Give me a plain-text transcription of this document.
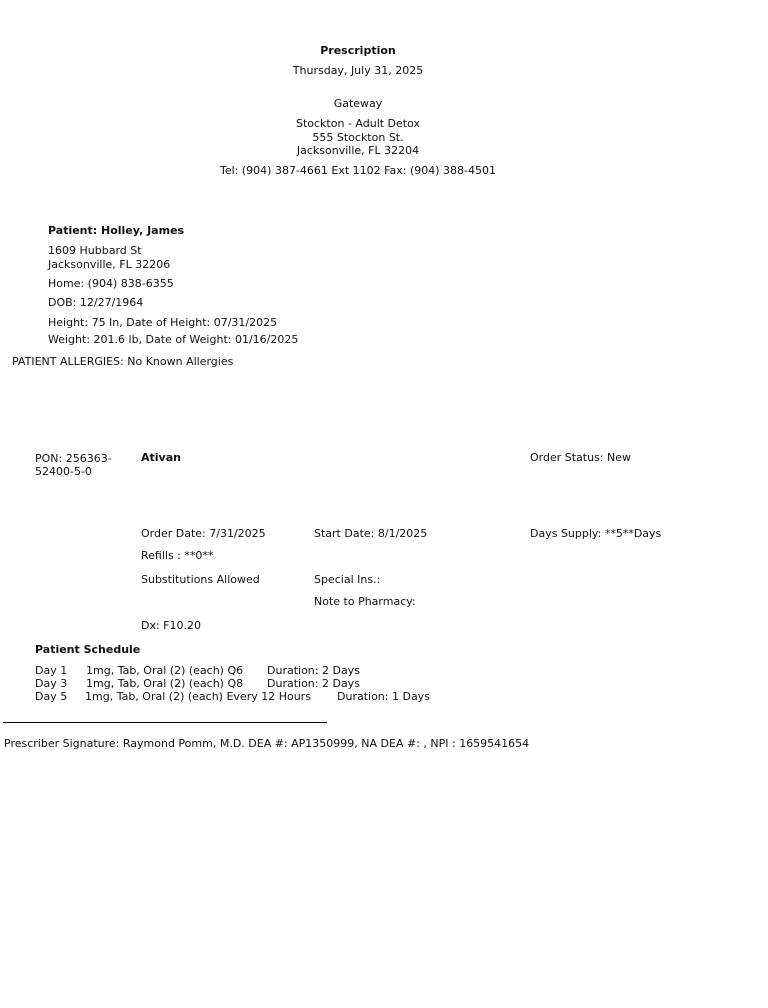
Prescription
Thursday, July 31, 2025
Gateway
Stockton - Adult Detox
555 Stockton St.
Jacksonville, FL 32204
Tel: (904) 387-4661 Ext 1102 Fax: (904) 388-4501
Patient: Holley, James
1609 Hubbard St
Jacksonville, FL 32206
Home: (904) 838-6355
DOB: 12/27/1964
Height: 75 In, Date of Height: 07/31/2025
Weight: 201.6 lb, Date of Weight: 01/16/2025
PATIENT ALLERGIES: No Known Allergies
PON: 256363-52400-5-0
Ativan	Order Status: New
Order Date: 7/31/2025	Start Date: 8/1/2025	Days Supply: **5**Days
Refills : **0**
Substitutions Allowed	Special Ins.:
Note to Pharmacy:
Dx: F10.20
Patient Schedule
Day 1 1mg, Tab, Oral (2) (each) Q6 Duration: 2 Days
Day 3 1mg, Tab, Oral (2) (each) Q8 Duration: 2 Days
Day 5 1mg, Tab, Oral (2) (each) Every 12 Hours Duration: 1 Days
Prescriber Signature: Raymond Pomm, M.D. DEA #: AP1350999, NA DEA #: , NPI : 1659541654
